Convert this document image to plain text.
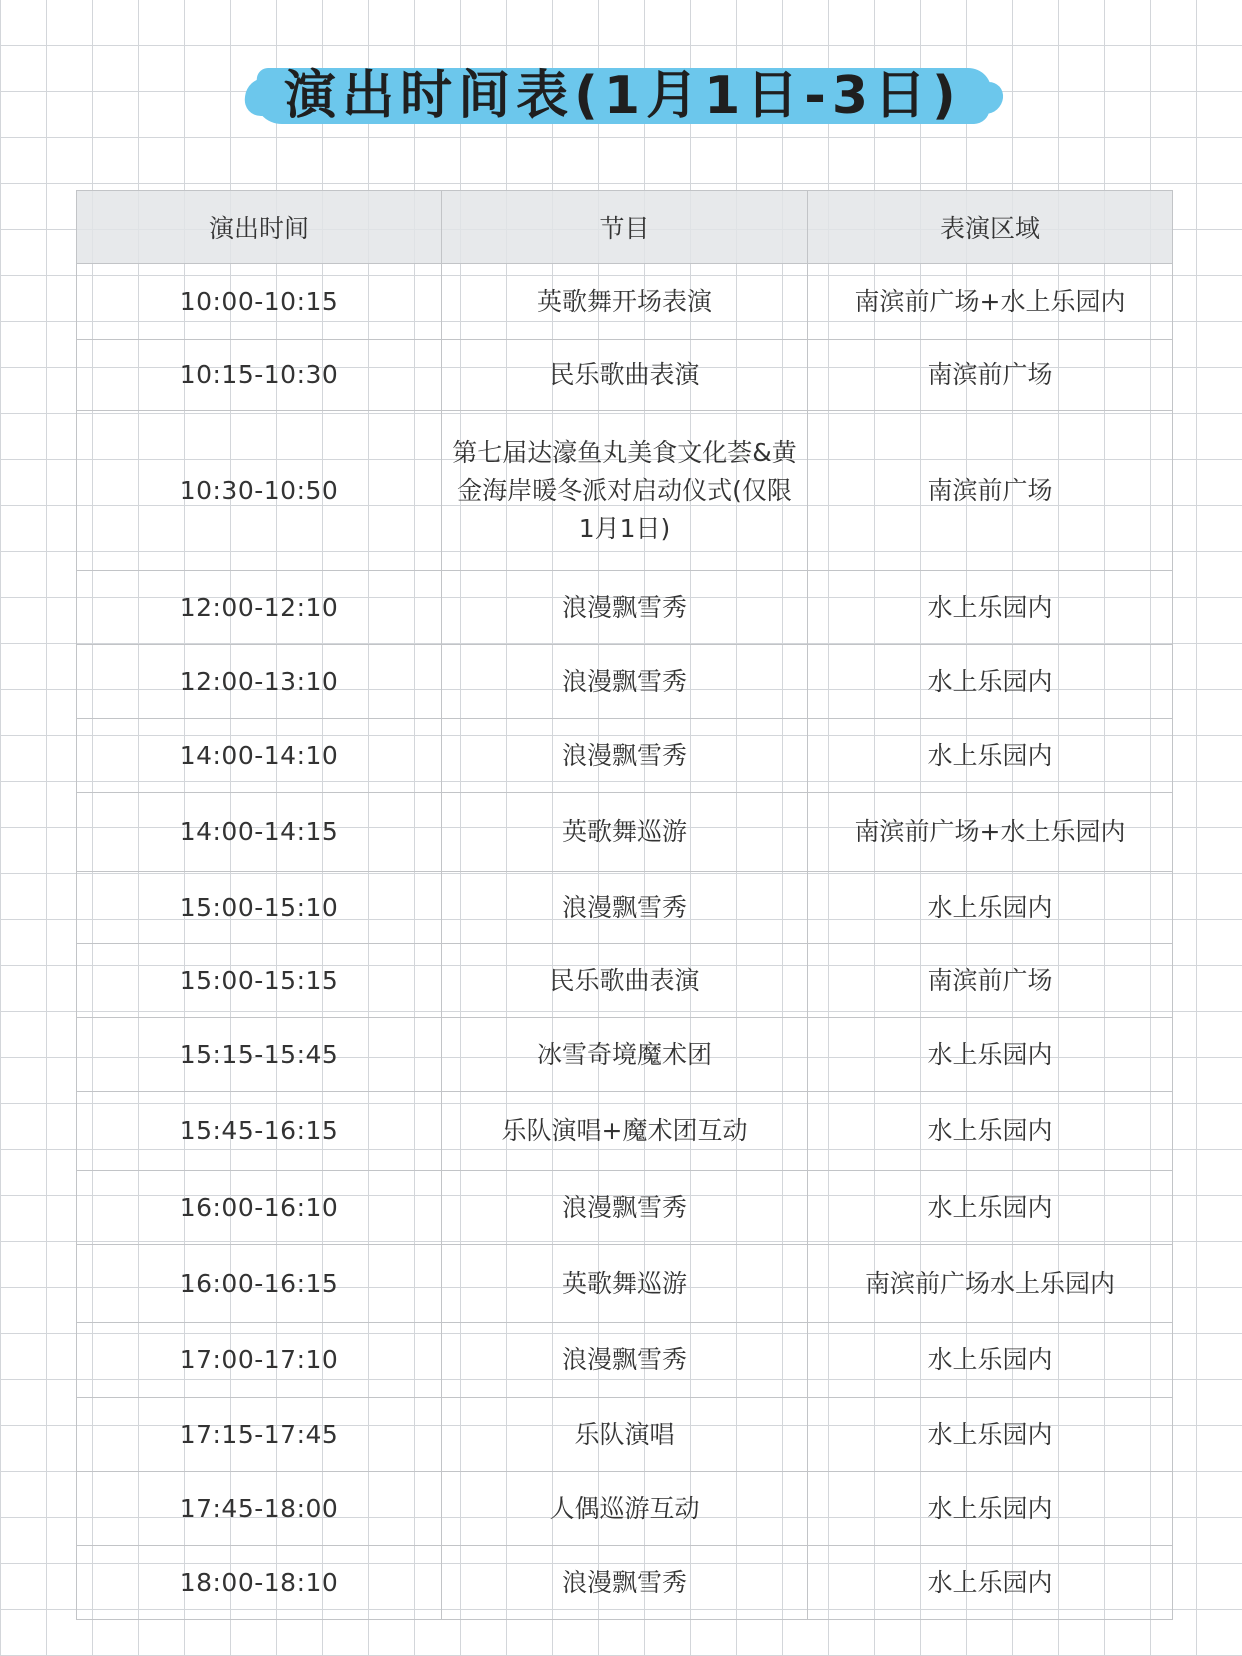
演出时间表(1月1日-3日)
演出时间	节目	表演区域
10:00-10:15	英歌舞开场表演	南滨前广场+水上乐园内
10:15-10:30	民乐歌曲表演	南滨前广场
10:30-10:50	第七届达濠鱼丸美食文化荟&黄金海岸暖冬派对启动仪式(仅限1月1日)	南滨前广场
12:00-12:10	浪漫飘雪秀	水上乐园内
12:00-13:10	浪漫飘雪秀	水上乐园内
14:00-14:10	浪漫飘雪秀	水上乐园内
14:00-14:15	英歌舞巡游	南滨前广场+水上乐园内
15:00-15:10	浪漫飘雪秀	水上乐园内
15:00-15:15	民乐歌曲表演	南滨前广场
15:15-15:45	冰雪奇境魔术团	水上乐园内
15:45-16:15	乐队演唱+魔术团互动	水上乐园内
16:00-16:10	浪漫飘雪秀	水上乐园内
16:00-16:15	英歌舞巡游	南滨前广场水上乐园内
17:00-17:10	浪漫飘雪秀	水上乐园内
17:15-17:45	乐队演唱	水上乐园内
17:45-18:00	人偶巡游互动	水上乐园内
18:00-18:10	浪漫飘雪秀	水上乐园内
